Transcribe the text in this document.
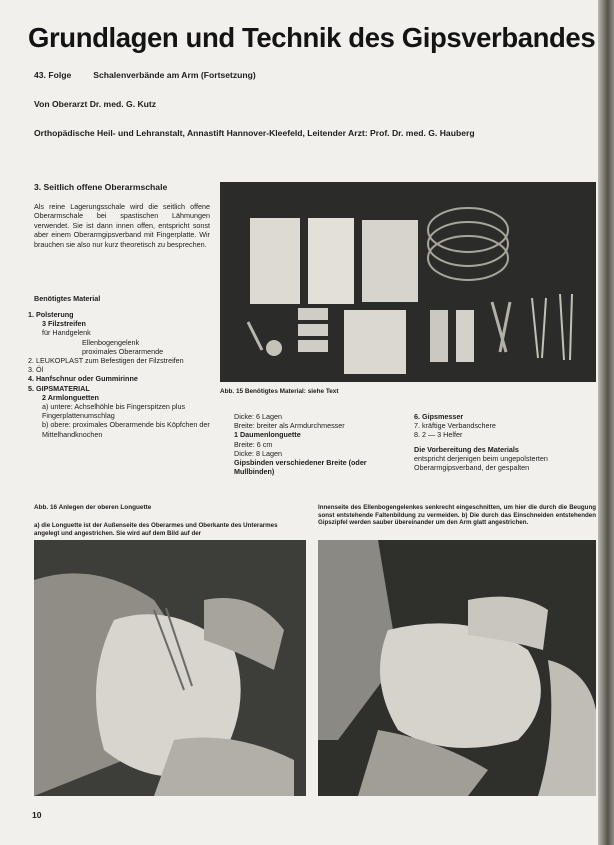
Grundlagen und Technik des Gipsverbandes
43. Folge	Schalenverbände am Arm (Fortsetzung)
Von Oberarzt Dr. med. G. Kutz
Orthopädische Heil- und Lehranstalt, Annastift Hannover-Kleefeld, Leitender Arzt: Prof. Dr. med. G. Hauberg
3. Seitlich offene Oberarmschale
Als reine Lagerungsschale wird die seitlich offene Oberarmschale bei spastischen Lähmungen verwendet. Sie ist dann innen offen, entspricht sonst aber einem Oberarmgipsverband mit Fingerplatte. Wir brauchen sie also nur kurz theoretisch zu besprechen.
Benötigtes Material
1. Polsterung
3 Filzstreifen
für Handgelenk
Ellenbogengelenk
proximales Oberarmende
2. LEUKOPLAST zum Befestigen der Filzstreifen
3. Öl
4. Hanfschnur oder Gummirinne
5. GIPSMATERIAL
2 Armlonguetten
a) untere: Achselhöhle bis Fingerspitzen plus Fingerplattenumschlag
b) obere: proximales Oberarmende bis Köpfchen der Mittelhandknochen
Abb. 15 Benötigtes Material: siehe Text

Dicke: 6 Lagen

Breite: breiter als Armdurchmesser

1 Daumenlonguette

Breite: 6 cm

Dicke: 8 Lagen

Gipsbinden verschiedener Breite (oder Mullbinden)

6. Gipsmesser

7. kräftige Verbandschere

8. 2 — 3 Helfer

Die Vorbereitung des Materials

entspricht derjenigen beim ungepolsterten Oberarmgipsverband, der gespalten

Abb. 16 Anlegen der oberen Longuette
a) die Longuette ist der Außenseite des Oberarmes und Oberkante des Unterarmes angelegt und angestrichen. Sie wird auf dem Bild auf der
Innenseite des Ellenbogengelenkes senkrecht eingeschnitten, um hier die durch die Beugung sonst entstehende Faltenbildung zu vermeiden. b) Die durch das Einschneiden entstehenden Gipszipfel werden sauber übereinander um den Arm glatt angestrichen.
10
